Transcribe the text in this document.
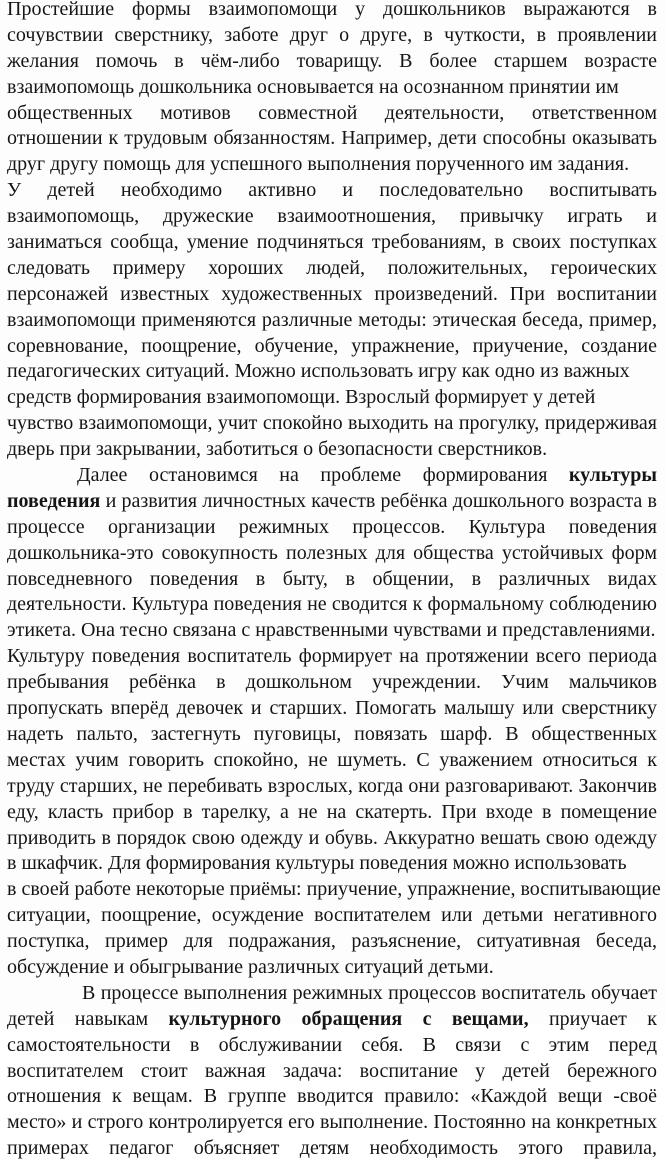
Простейшие формы взаимопомощи у дошкольников выражаются в
сочувствии сверстнику, заботе друг о друге, в чуткости, в проявлении
желания помочь в чём-либо товарищу. В более старшем возрасте
взаимопомощь дошкольника основывается на осознанном принятии им
общественных мотивов совместной деятельности, ответственном
отношении к трудовым обязанностям. Например, дети способны оказывать
друг другу помощь для успешного выполнения порученного им задания.
У детей необходимо активно и последовательно воспитывать
взаимопомощь, дружеские взаимоотношения, привычку играть и
заниматься сообща, умение подчиняться требованиям, в своих поступках
следовать примеру хороших людей, положительных, героических
персонажей известных художественных произведений. При воспитании
взаимопомощи применяются различные методы: этическая беседа, пример,
соревнование, поощрение, обучение, упражнение, приучение, создание
педагогических ситуаций. Можно использовать игру как одно из важных
средств формирования взаимопомощи. Взрослый формирует у детей
чувство взаимопомощи, учит спокойно выходить на прогулку, придерживая
дверь при закрывании, заботиться о безопасности сверстников.
Далее остановимся на проблеме формирования культуры
поведения и развития личностных качеств ребёнка дошкольного возраста в
процессе организации режимных процессов. Культура поведения
дошкольника-это совокупность полезных для общества устойчивых форм
повседневного поведения в быту, в общении, в различных видах
деятельности. Культура поведения не сводится к формальному соблюдению
этикета. Она тесно связана с нравственными чувствами и представлениями.
Культуру поведения воспитатель формирует на протяжении всего периода
пребывания ребёнка в дошкольном учреждении. Учим мальчиков
пропускать вперёд девочек и старших. Помогать малышу или сверстнику
надеть пальто, застегнуть пуговицы, повязать шарф. В общественных
местах учим говорить спокойно, не шуметь. С уважением относиться к
труду старших, не перебивать взрослых, когда они разговаривают. Закончив
еду, класть прибор в тарелку, а не на скатерть. При входе в помещение
приводить в порядок свою одежду и обувь. Аккуратно вешать свою одежду
в шкафчик. Для формирования культуры поведения можно использовать
в своей работе некоторые приёмы: приучение, упражнение, воспитывающие
ситуации, поощрение, осуждение воспитателем или детьми негативного
поступка, пример для подражания, разъяснение, ситуативная беседа,
обсуждение и обыгрывание различных ситуаций детьми.
В процессе выполнения режимных процессов воспитатель обучает
детей навыкам культурного обращения с вещами, приучает к
самостоятельности в обслуживании себя. В связи с этим перед
воспитателем стоит важная задача: воспитание у детей бережного
отношения к вещам. В группе вводится правило: «Каждой вещи -своё
место» и строго контролируется его выполнение. Постоянно на конкретных
примерах педагог объясняет детям необходимость этого правила,
